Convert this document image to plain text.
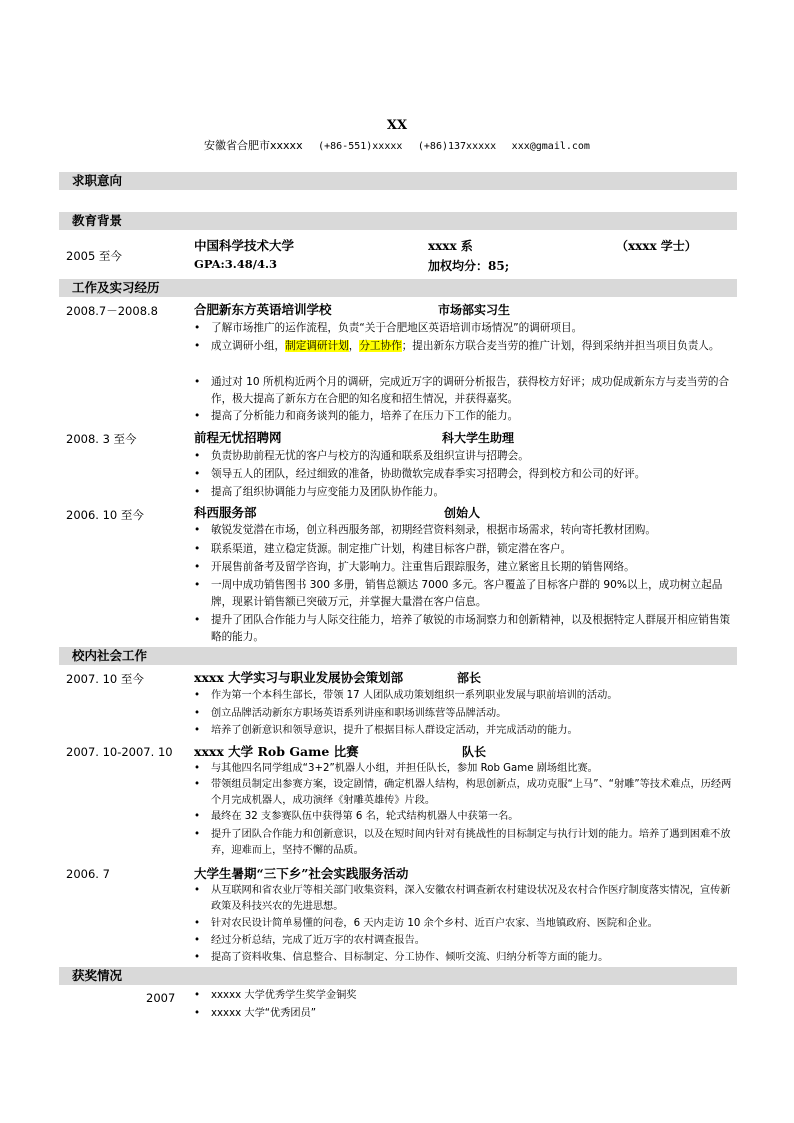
XX
安徽省合肥市xxxxx (+86-551)xxxxx (+86)137xxxxx xxx@gmail.com
求职意向
教育背景
2005 至今
中国科学技术大学	xxxx 系	（xxxx 学士）
GPA:3.48/4.3	加权均分：85;
工作及实习经历
2008.7－2008.8	合肥新东方英语培训学校	市场部实习生
• 了解市场推广的运作流程，负责“关于合肥地区英语培训市场情况”的调研项目。
• 成立调研小组，制定调研计划，分工协作；提出新东方联合麦当劳的推广计划，得到采纳并担当项目负责人。
• 通过对 10 所机构近两个月的调研，完成近万字的调研分析报告，获得校方好评；成功促成新东方与麦当劳的合作，极大提高了新东方在合肥的知名度和招生情况，并获得嘉奖。
• 提高了分析能力和商务谈判的能力，培养了在压力下工作的能力。
2008. 3 至今	前程无忧招聘网	科大学生助理
• 负责协助前程无忧的客户与校方的沟通和联系及组织宣讲与招聘会。
• 领导五人的团队，经过细致的准备，协助微软完成春季实习招聘会，得到校方和公司的好评。
• 提高了组织协调能力与应变能力及团队协作能力。
2006. 10 至今	科西服务部	创始人
• 敏锐发觉潜在市场，创立科西服务部，初期经营资料刻录，根据市场需求，转向寄托教材团购。
• 联系渠道，建立稳定货源。制定推广计划，构建目标客户群，锁定潜在客户。
• 开展售前备考及留学咨询，扩大影响力。注重售后跟踪服务，建立紧密且长期的销售网络。
• 一周中成功销售图书 300 多册，销售总额达 7000 多元。客户覆盖了目标客户群的 90%以上，成功树立起品牌，现累计销售额已突破万元，并掌握大量潜在客户信息。
• 提升了团队合作能力与人际交往能力，培养了敏锐的市场洞察力和创新精神，以及根据特定人群展开相应销售策略的能力。
校内社会工作
2007. 10 至今	xxxx 大学实习与职业发展协会策划部	部长
• 作为第一个本科生部长，带领 17 人团队成功策划组织一系列职业发展与职前培训的活动。
• 创立品牌活动新东方职场英语系列讲座和职场训练营等品牌活动。
• 培养了创新意识和领导意识，提升了根据目标人群设定活动，并完成活动的能力。
2007. 10-2007. 10 xxxx 大学 Rob Game 比赛	队长
• 与其他四名同学组成“3+2”机器人小组，并担任队长，参加 Rob Game 剧场组比赛。
• 带领组员制定出参赛方案，设定剧情，确定机器人结构，构思创新点，成功克服“上马”、“射雕”等技术难点，历经两个月完成机器人，成功演绎《射雕英雄传》片段。
• 最终在 32 支参赛队伍中获得第 6 名，轮式结构机器人中获第一名。
• 提升了团队合作能力和创新意识，以及在短时间内针对有挑战性的目标制定与执行计划的能力。培养了遇到困难不放弃，迎难而上，坚持不懈的品质。
2006. 7	大学生暑期“三下乡”社会实践服务活动
• 从互联网和省农业厅等相关部门收集资料，深入安徽农村调查新农村建设状况及农村合作医疗制度落实情况，宣传新政策及科技兴农的先进思想。
• 针对农民设计简单易懂的问卷，6 天内走访 10 余个乡村、近百户农家、当地镇政府、医院和企业。
• 经过分析总结，完成了近万字的农村调查报告。
• 提高了资料收集、信息整合、目标制定、分工协作、倾听交流、归纳分析等方面的能力。
获奖情况
2007
•	xxxxx 大学优秀学生奖学金铜奖
• xxxxx 大学“优秀团员”
